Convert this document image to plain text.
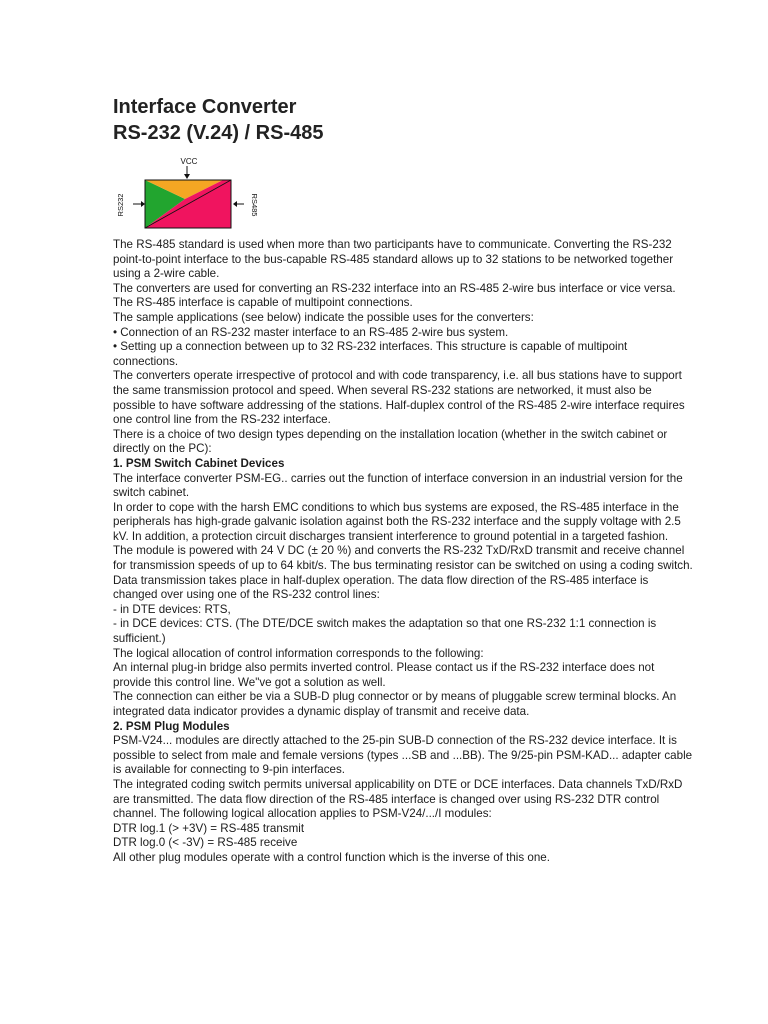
Interface Converter
RS-232 (V.24) / RS-485
VCC
RS232	RS485

The RS-485 standard is used when more than two participants have to communicate. Converting the RS-232 point-to-point interface to the bus-capable RS-485 standard allows up to 32 stations to be networked together using a 2-wire cable.

The converters are used for converting an RS-232 interface into an RS-485 2-wire bus interface or vice versa. The RS-485 interface is capable of multipoint connections.

The sample applications (see below) indicate the possible uses for the converters:

• Connection of an RS-232 master interface to an RS-485 2-wire bus system.

• Setting up a connection between up to 32 RS-232 interfaces. This structure is capable of multipoint connections.

The converters operate irrespective of protocol and with code transparency, i.e. all bus stations have to support the same transmission protocol and speed. When several RS-232 stations are networked, it must also be possible to have software addressing of the stations. Half-duplex control of the RS-485 2-wire interface requires one control line from the RS-232 interface.

There is a choice of two design types depending on the installation location (whether in the switch cabinet or directly on the PC):

1. PSM Switch Cabinet Devices

The interface converter PSM-EG.. carries out the function of interface conversion in an industrial version for the switch cabinet.

In order to cope with the harsh EMC conditions to which bus systems are exposed, the RS-485 interface in the peripherals has high-grade galvanic isolation against both the RS-232 interface and the supply voltage with 2.5 kV. In addition, a protection circuit discharges transient interference to ground potential in a targeted fashion.

The module is powered with 24 V DC (± 20 %) and converts the RS-232 TxD/RxD transmit and receive channel for transmission speeds of up to 64 kbit/s. The bus terminating resistor can be switched on using a coding switch.

Data transmission takes place in half-duplex operation. The data flow direction of the RS-485 interface is changed over using one of the RS-232 control lines:

- in DTE devices: RTS,

- in DCE devices: CTS. (The DTE/DCE switch makes the adaptation so that one RS-232 1:1 connection is sufficient.)

The logical allocation of control information corresponds to the following:

An internal plug-in bridge also permits inverted control. Please contact us if the RS-232 interface does not provide this control line. We"ve got a solution as well.

The connection can either be via a SUB-D plug connector or by means of pluggable screw terminal blocks. An integrated data indicator provides a dynamic display of transmit and receive data.

2. PSM Plug Modules

PSM-V24... modules are directly attached to the 25-pin SUB-D connection of the RS-232 device interface. It is possible to select from male and female versions (types ...SB and ...BB). The 9/25-pin PSM-KAD... adapter cable is available for connecting to 9-pin interfaces.

The integrated coding switch permits universal applicability on DTE or DCE interfaces. Data channels TxD/RxD are transmitted. The data flow direction of the RS-485 interface is changed over using RS-232 DTR control channel. The following logical allocation applies to PSM-V24/.../I modules:

DTR log.1 (> +3V) = RS-485 transmit

DTR log.0 (< -3V) = RS-485 receive

All other plug modules operate with a control function which is the inverse of this one.
